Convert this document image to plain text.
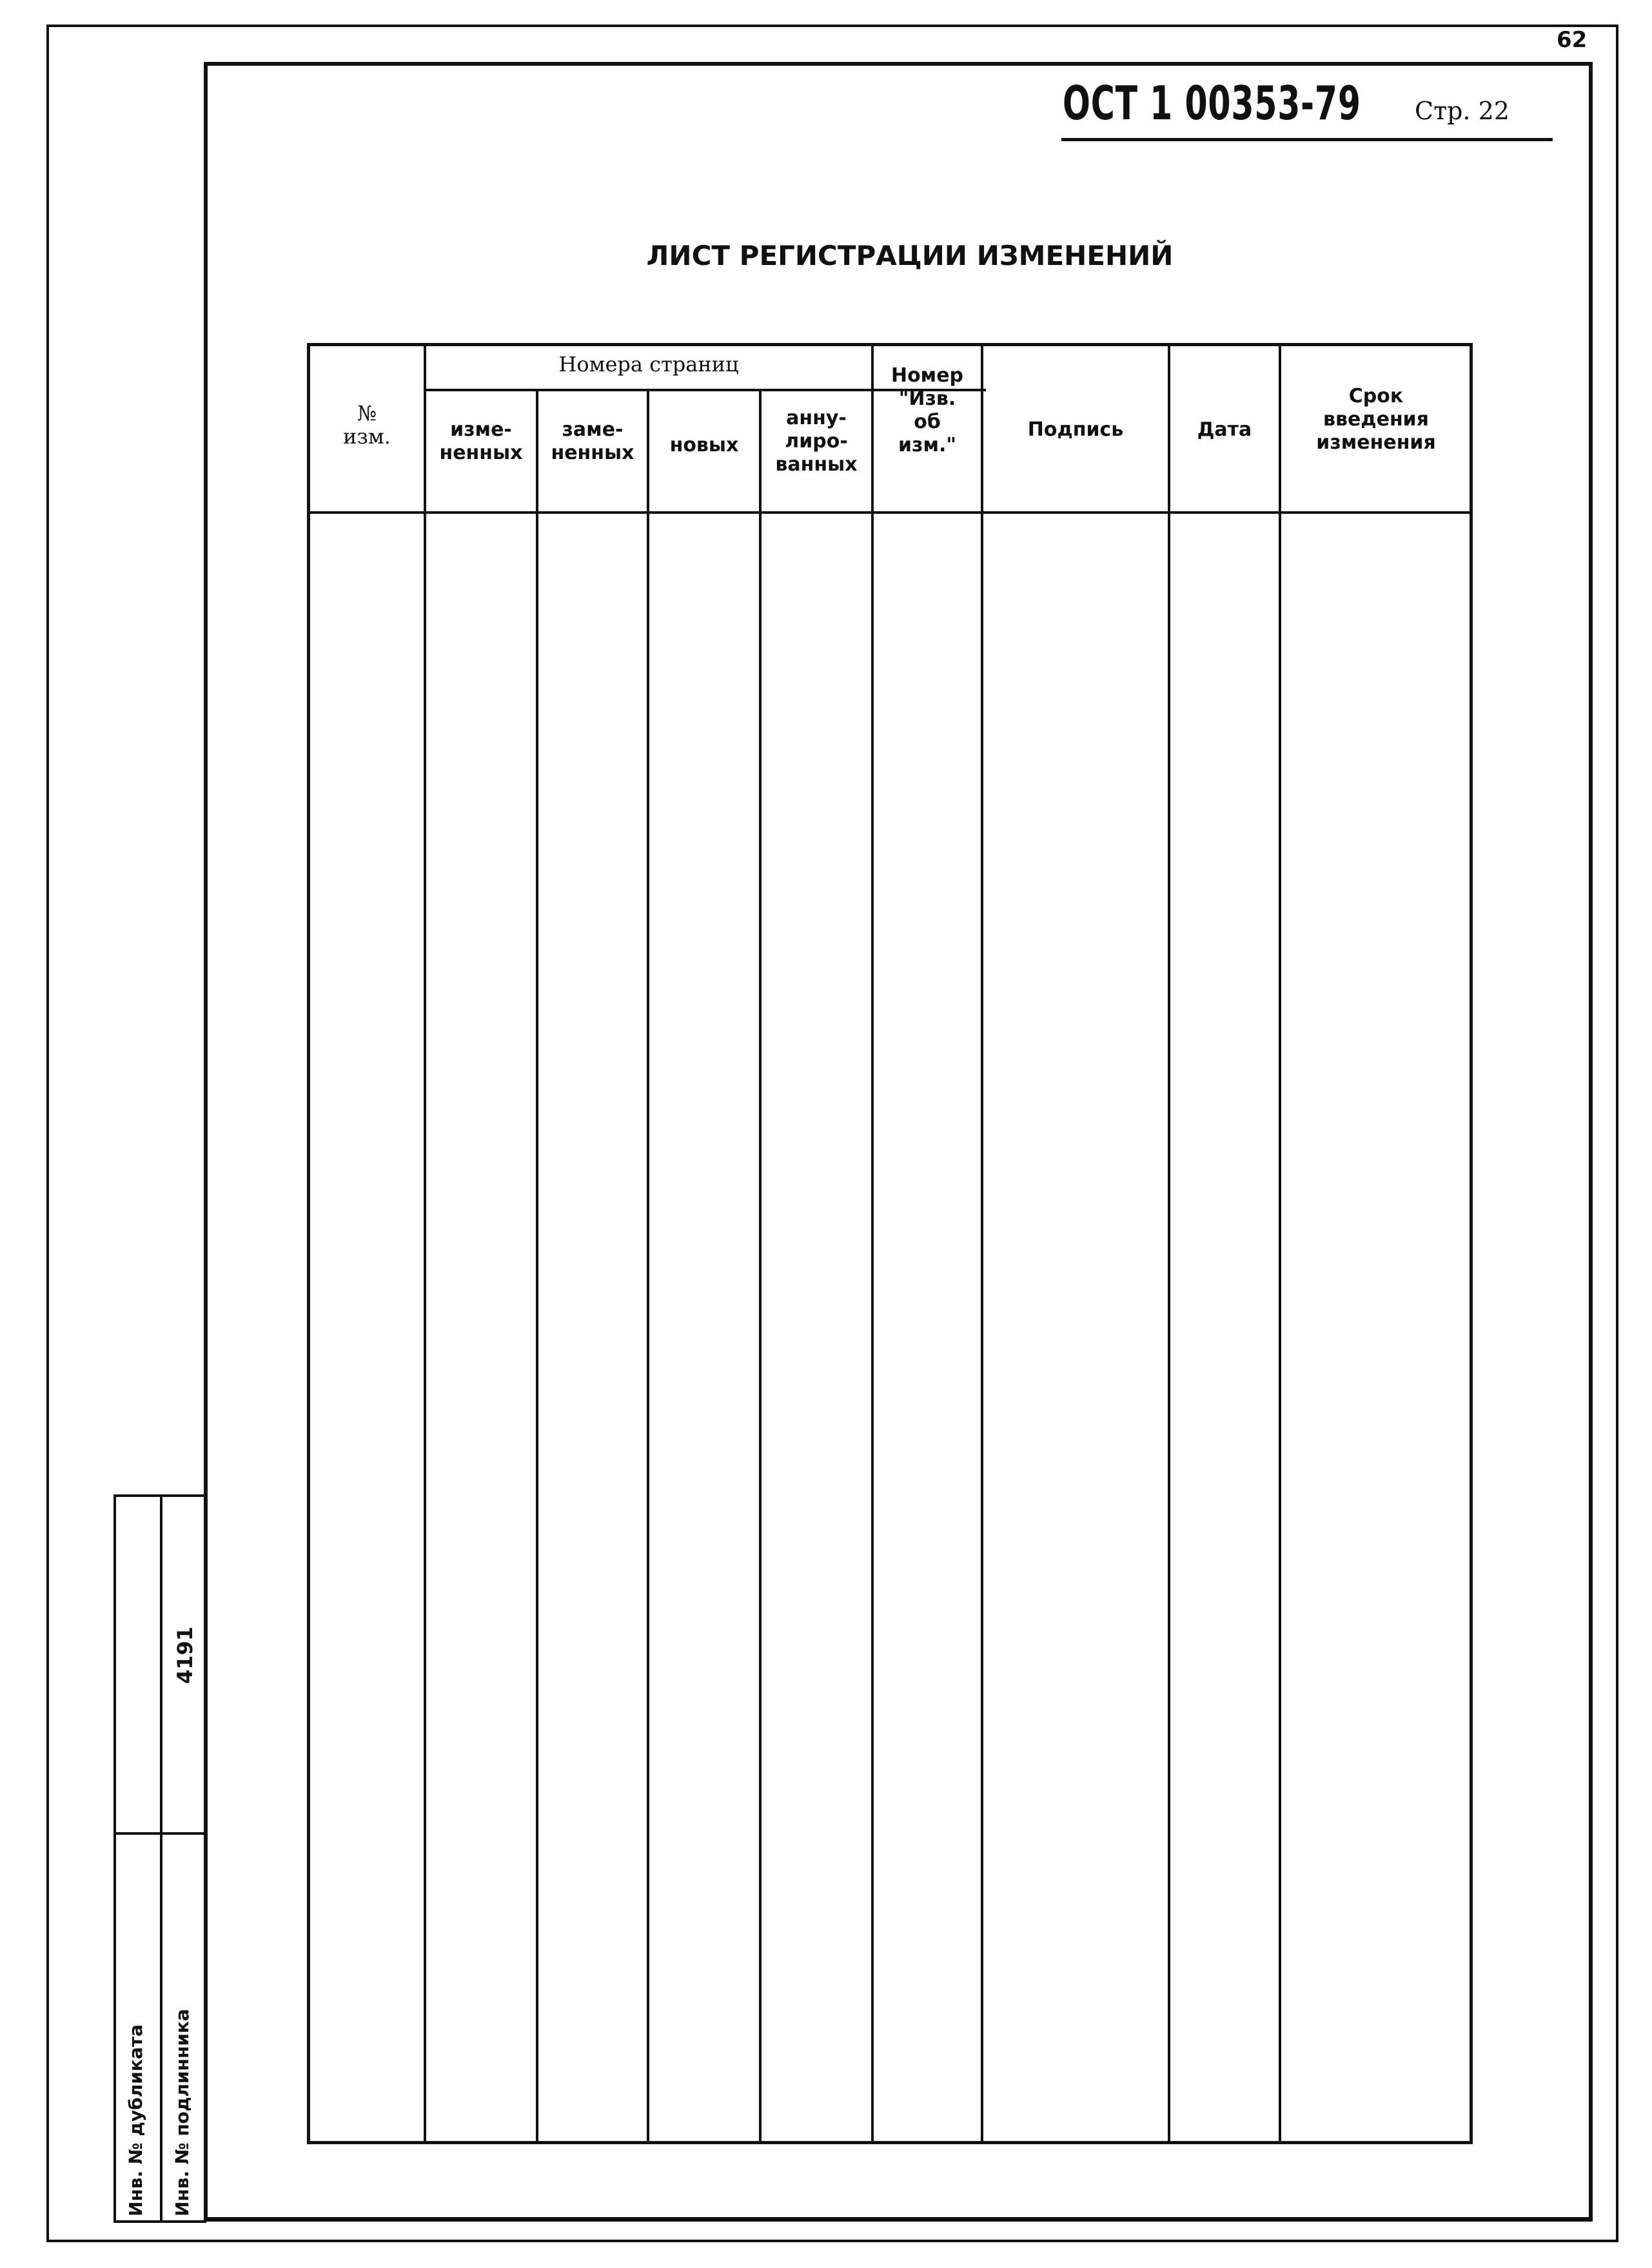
62
ОСТ 1 00353-79 Стр. 22
ЛИСТ РЕГИСТРАЦИИ ИЗМЕНЕНИЙ
№
изм.
Номера страниц
изме-
ненных
заме-
ненных	новых
анну-
лиро-
ванных
Номер
"Изв.
об
изм."
Подпись	Дата
Срок
введения
изменения
Инв. № дубликата Инв. № подлинника
4191
